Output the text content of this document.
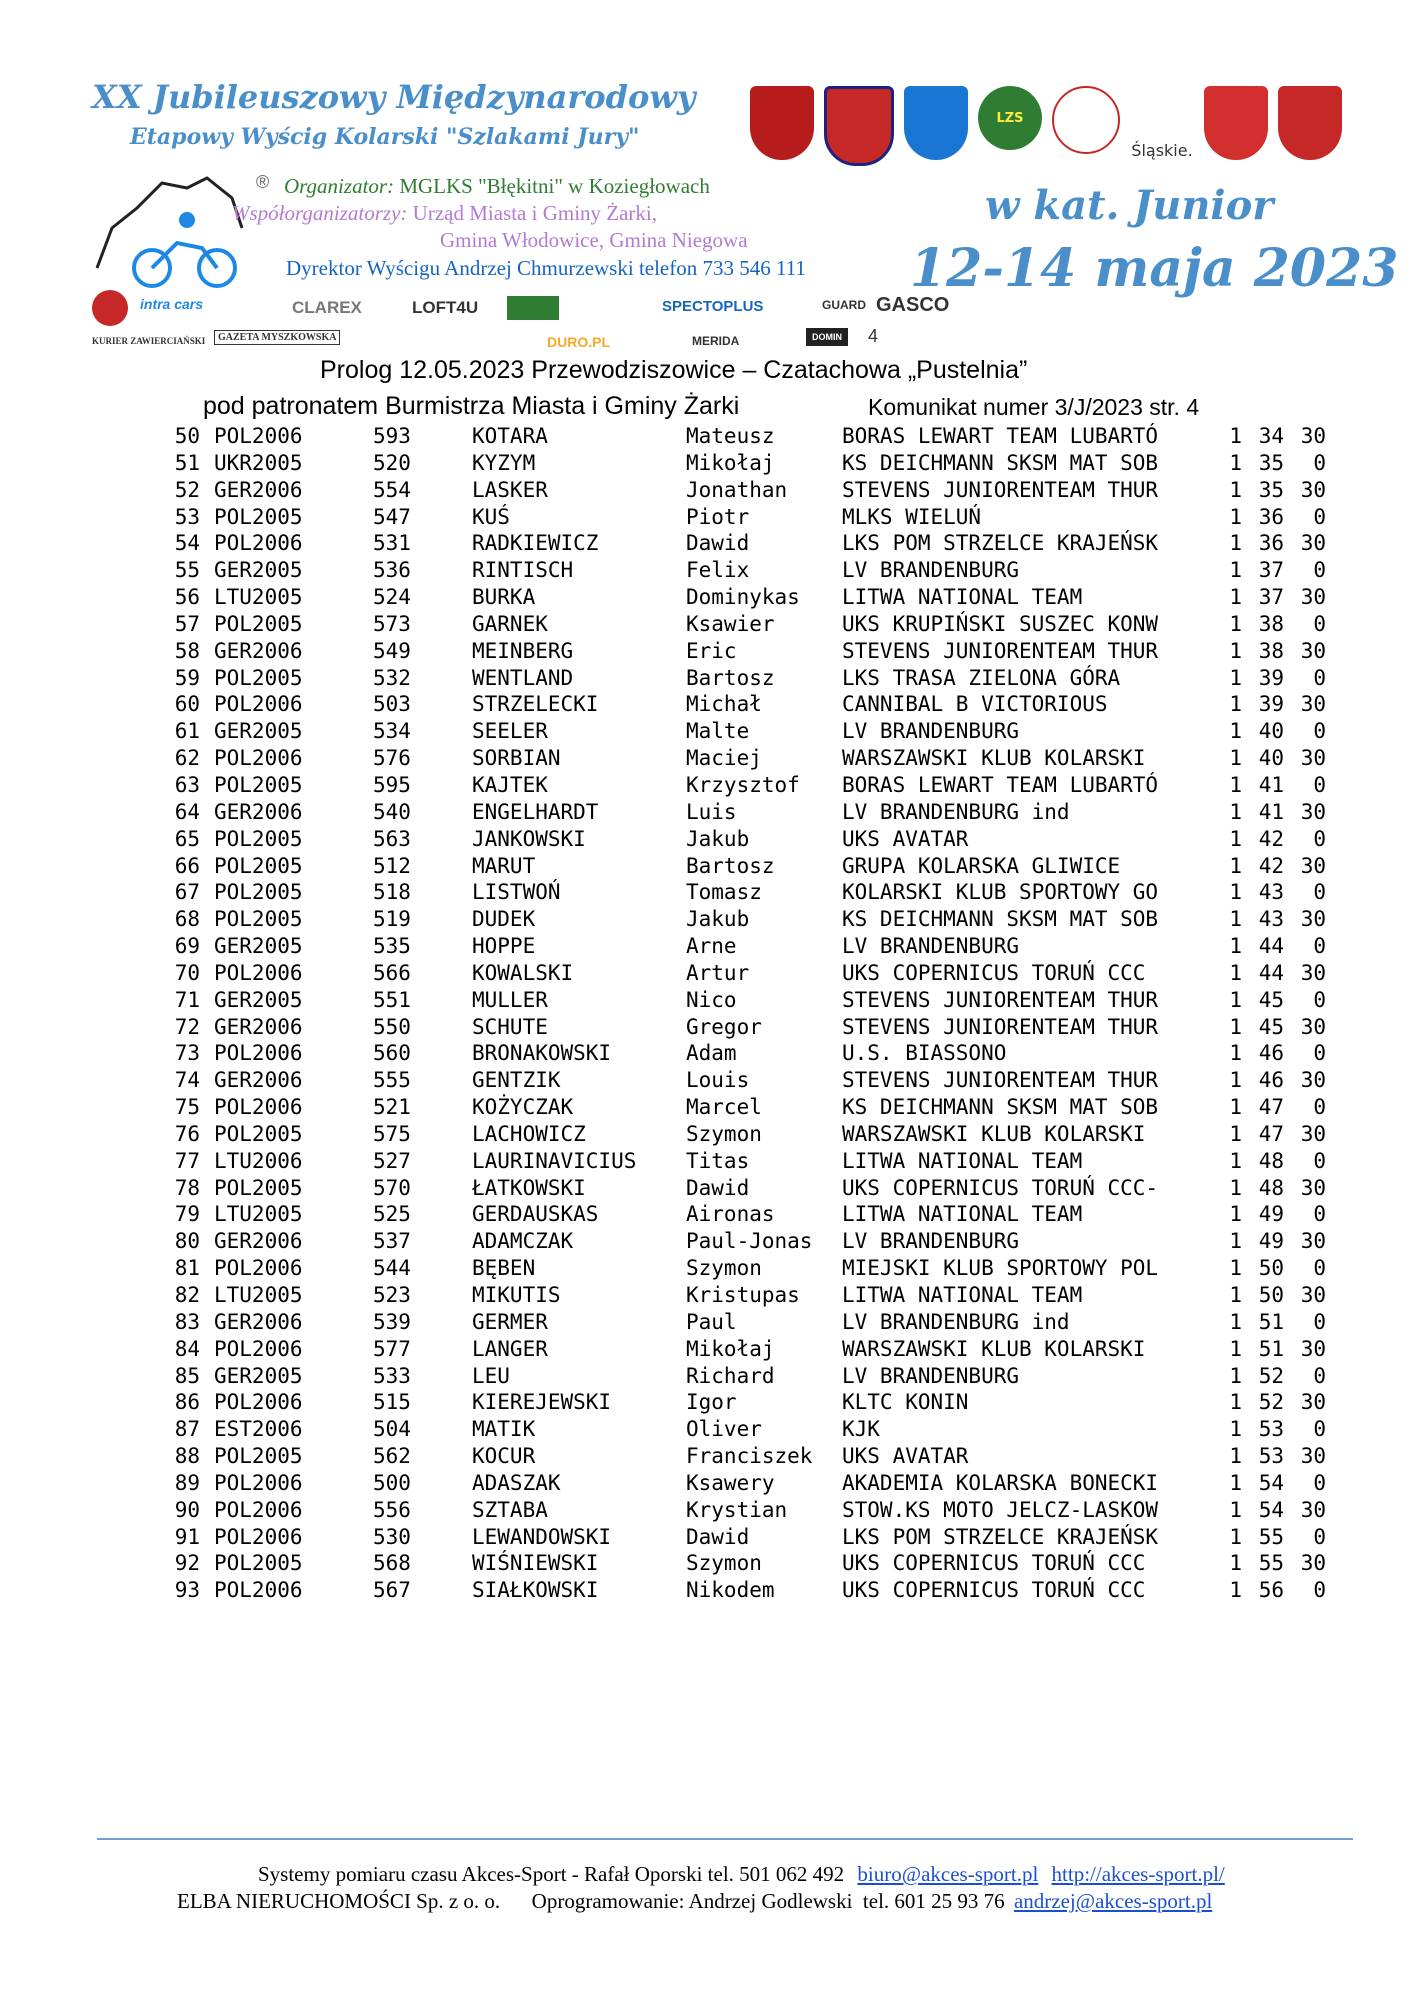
XX Jubileuszowy Międzynarodowy
Etapowy Wyścig Kolarski "Szlakami Jury"
LZS
Śląskie.
® Organizator: MGLKS "Błękitni" w Koziegłowach
Współorganizatorzy: Urząd Miasta i Gminy Żarki,
Gmina Włodowice, Gmina Niegowa
Dyrektor Wyścigu Andrzej Chmurzewski telefon 733 546 111
w kat. Junior
12-14 maja 2023
intra cars	CLAREX	LOFT4U	SPECTOPLUS	GUARD GASCO
KURIER ZAWIERCIAŃSKI	GAZETA MYSZKOWSKA	DURO.PL	MERIDA	DOMIN	4
Prolog 12.05.2023 Przewodziszowice – Czatachowa „Pustelnia”
pod patronatem Burmistrza Miasta i Gminy Żarki	Komunikat numer 3/J/2023 str. 4
50 POL2006	593	KOTARA	Mateusz	BORAS LEWART TEAM LUBARTÓ	1 34 30
51 UKR2005	520	KYZYM	Mikołaj	KS DEICHMANN SKSM MAT SOB	1 35	0
52 GER2006	554	LASKER	Jonathan	STEVENS JUNIORENTEAM THUR	1 35 30
53 POL2005	547	KUŚ	Piotr	MLKS WIELUŃ	1 36	0
54 POL2006	531	RADKIEWICZ	Dawid	LKS POM STRZELCE KRAJEŃSK	1 36 30
55 GER2005	536	RINTISCH	Felix	LV BRANDENBURG	1 37	0
56 LTU2005	524	BURKA	Dominykas LITWA NATIONAL TEAM	1 37 30
57 POL2005	573	GARNEK	Ksawier	UKS KRUPIŃSKI SUSZEC KONW	1 38	0
58 GER2006	549	MEINBERG	Eric	STEVENS JUNIORENTEAM THUR	1 38 30
59 POL2005	532	WENTLAND	Bartosz	LKS TRASA ZIELONA GÓRA	1 39	0
60 POL2006	503	STRZELECKI	Michał	CANNIBAL B VICTORIOUS	1 39 30
61 GER2005	534	SEELER	Malte	LV BRANDENBURG	1 40	0
62 POL2006	576	SORBIAN	Maciej	WARSZAWSKI KLUB KOLARSKI	1 40 30
63 POL2005	595	KAJTEK	Krzysztof BORAS LEWART TEAM LUBARTÓ	1 41	0
64 GER2006	540	ENGELHARDT	Luis	LV BRANDENBURG ind	1 41 30
65 POL2005	563	JANKOWSKI	Jakub	UKS AVATAR	1 42	0
66 POL2005	512	MARUT	Bartosz	GRUPA KOLARSKA GLIWICE	1 42 30
67 POL2005	518	LISTWOŃ	Tomasz	KOLARSKI KLUB SPORTOWY GO	1 43	0
68 POL2005	519	DUDEK	Jakub	KS DEICHMANN SKSM MAT SOB	1 43 30
69 GER2005	535	HOPPE	Arne	LV BRANDENBURG	1 44	0
70 POL2006	566	KOWALSKI	Artur	UKS COPERNICUS TORUŃ CCC	1 44 30
71 GER2005	551	MULLER	Nico	STEVENS JUNIORENTEAM THUR	1 45	0
72 GER2006	550	SCHUTE	Gregor	STEVENS JUNIORENTEAM THUR	1 45 30
73 POL2006	560	BRONAKOWSKI	Adam	U.S. BIASSONO	1 46	0
74 GER2006	555	GENTZIK	Louis	STEVENS JUNIORENTEAM THUR	1 46 30
75 POL2006	521	KOŻYCZAK	Marcel	KS DEICHMANN SKSM MAT SOB	1 47	0
76 POL2005	575	LACHOWICZ	Szymon	WARSZAWSKI KLUB KOLARSKI	1 47 30
77 LTU2006	527	LAURINAVICIUS Titas	LITWA NATIONAL TEAM	1 48	0
78 POL2005	570	ŁATKOWSKI	Dawid	UKS COPERNICUS TORUŃ CCC-	1 48 30
79 LTU2005	525	GERDAUSKAS	Aironas	LITWA NATIONAL TEAM	1 49	0
80 GER2006	537	ADAMCZAK	Paul-Jonas LV BRANDENBURG	1 49 30
81 POL2006	544	BĘBEN	Szymon	MIEJSKI KLUB SPORTOWY POL	1 50	0
82 LTU2005	523	MIKUTIS	Kristupas LITWA NATIONAL TEAM	1 50 30
83 GER2006	539	GERMER	Paul	LV BRANDENBURG ind	1 51	0
84 POL2006	577	LANGER	Mikołaj	WARSZAWSKI KLUB KOLARSKI	1 51 30
85 GER2005	533	LEU	Richard	LV BRANDENBURG	1 52	0
86 POL2006	515	KIEREJEWSKI	Igor	KLTC KONIN	1 52 30
87 EST2006	504	MATIK	Oliver	KJK	1 53	0
88 POL2005	562	KOCUR	Franciszek UKS AVATAR	1 53 30
89 POL2006	500	ADASZAK	Ksawery	AKADEMIA KOLARSKA BONECKI	1 54	0
90 POL2006	556	SZTABA	Krystian	STOW.KS MOTO JELCZ-LASKOW	1 54 30
91 POL2006	530	LEWANDOWSKI	Dawid	LKS POM STRZELCE KRAJEŃSK	1 55	0
92 POL2005	568	WIŚNIEWSKI	Szymon	UKS COPERNICUS TORUŃ CCC	1 55 30
93 POL2006	567	SIAŁKOWSKI	Nikodem	UKS COPERNICUS TORUŃ CCC	1 56	0
Systemy pomiaru czasu Akces-Sport - Rafał Oporski tel. 501 062 492 biuro@akces-sport.pl http://akces-sport.pl/
ELBA NIERUCHOMOŚCI Sp. z o. o.      Oprogramowanie: Andrzej Godlewski  tel. 601 25 93 76 andrzej@akces-sport.pl
